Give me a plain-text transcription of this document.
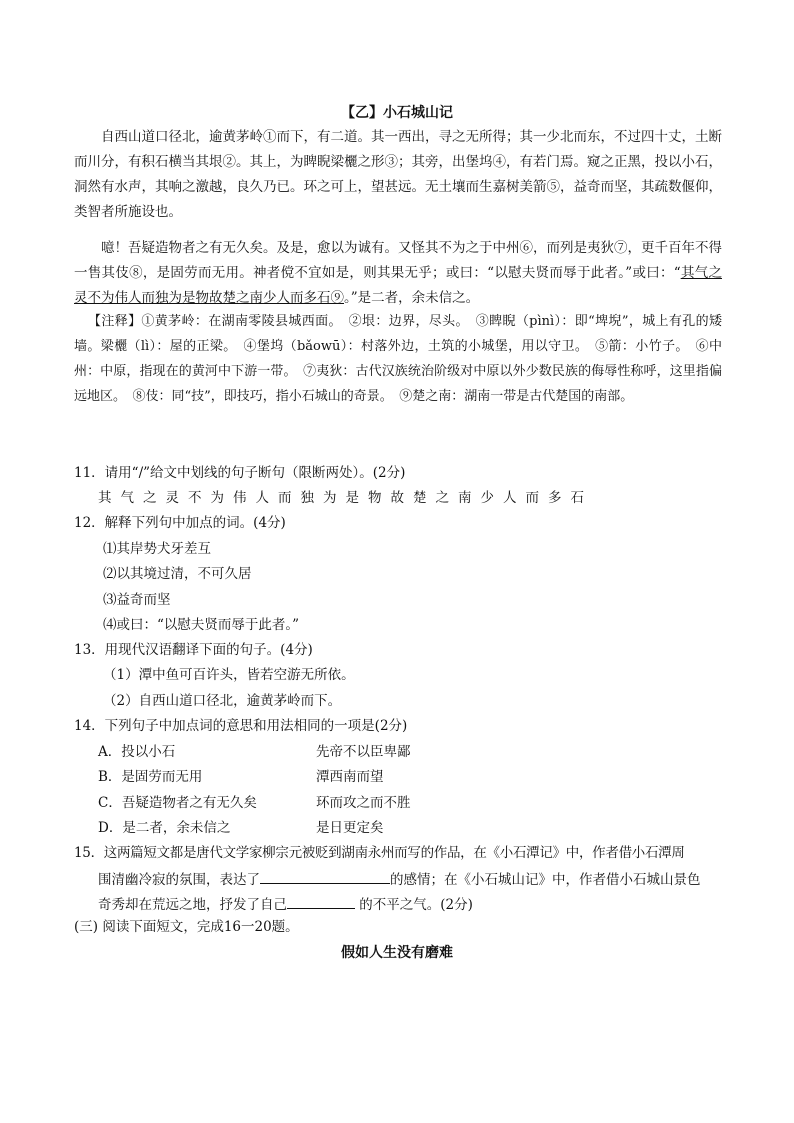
【乙】小石城山记
自西山道口径北，逾黄茅岭①而下，有二道。其一西出，寻之无所得；其一少北而东，不过四十丈，土断而川分，有积石横当其垠②。其上，为睥睨梁欐之形③；其旁，出堡坞④，有若门焉。窥之正黑，投以小石，洞然有水声，其响之激越，良久乃已。环之可上，望甚远。无土壤而生嘉树美箭⑤，益奇而坚，其疏数偃仰，类智者所施设也。
噫！吾疑造物者之有无久矣。及是，愈以为诚有。又怪其不为之于中州⑥，而列是夷狄⑦，更千百年不得一售其伎⑧，是固劳而无用。神者傥不宜如是，则其果无乎；或曰：“以慰夫贤而辱于此者。”或曰：“其气之灵不为伟人而独为是物故楚之南少人而多石⑨。”是二者，余未信之。
【注释】①黄茅岭：在湖南零陵县城西面。　②垠：边界，尽头。　③睥睨（pìnì）：即“埤堄”，城上有孔的矮墙。梁欐（lì）：屋的正梁。　④堡坞（bǎowū）：村落外边，土筑的小城堡，用以守卫。　⑤箭：小竹子。　⑥中州：中原，指现在的黄河中下游一带。　⑦夷狄：古代汉族统治阶级对中原以外少数民族的侮辱性称呼，这里指偏远地区。　⑧伎：同“技”，即技巧，指小石城山的奇景。　⑨楚之南：湖南一带是古代楚国的南部。
11．请用“/”给文中划线的句子断句（限断两处）。(2分)
其气之灵不为伟人而独为是物故楚之南少人而多石
12．解释下列句中加点的词。(4分)
⑴其岸势犬牙差互
⑵以其境过清，不可久居
⑶益奇而坚
⑷或曰：“以慰夫贤而辱于此者。”
13．用现代汉语翻译下面的句子。(4分)
（1）潭中鱼可百许头，皆若空游无所依。
（2）自西山道口径北，逾黄茅岭而下。
14．下列句子中加点词的意思和用法相同的一项是(2分)
A．投以小石	先帝不以臣卑鄙
B．是固劳而无用	潭西南而望
C．吾疑造物者之有无久矣	环而攻之而不胜
D．是二者，余未信之	是日更定矣
15．这两篇短文都是唐代文学家柳宗元被贬到湖南永州而写的作品，在《小石潭记》中，作者借小石潭周
围清幽冷寂的氛围，表达了	的感情；在《小石城山记》中，作者借小石城山景色
奇秀却在荒远之地，抒发了自己	的不平之气。(2分)
(三) 阅读下面短文，完成16一20题。
假如人生没有磨难
